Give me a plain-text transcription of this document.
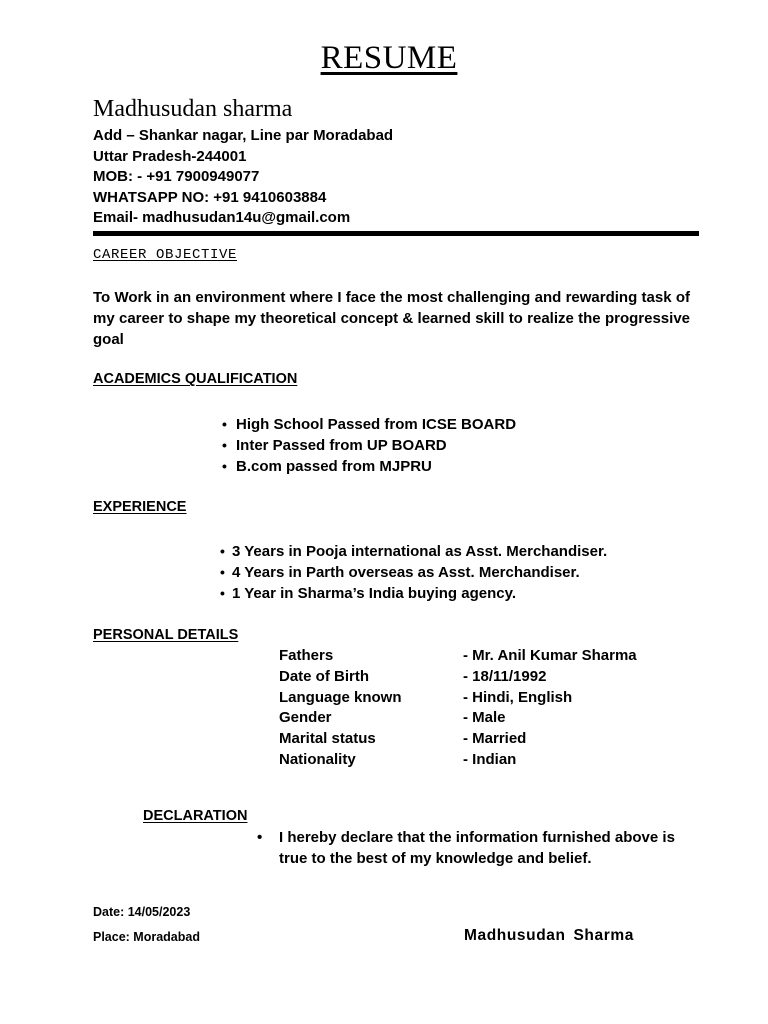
RESUME
Madhusudan sharma
Add – Shankar nagar, Line par Moradabad
Uttar Pradesh-244001
MOB: - +91 7900949077
WHATSAPP NO: +91 9410603884
Email- madhusudan14u@gmail.com
CAREER OBJECTIVE
To Work in an environment where I face the most challenging and rewarding task of my career to shape my theoretical concept & learned skill to realize the progressive goal
ACADEMICS QUALIFICATION
• High School Passed from ICSE BOARD
• Inter Passed from UP BOARD
• B.com passed from MJPRU
EXPERIENCE
• 3 Years in Pooja international as Asst. Merchandiser.
• 4 Years in Parth overseas as Asst. Merchandiser.
• 1 Year in Sharma’s India buying agency.
PERSONAL DETAILS
Fathers	- Mr. Anil Kumar Sharma
Date of Birth	- 18/11/1992
Language known	- Hindi, English
Gender	- Male
Marital status	- Married
Nationality	- Indian
DECLARATION
• I hereby declare that the information furnished above is true to the best of my knowledge and belief.
Date: 14/05/2023
Place: Moradabad	Madhusudan Sharma
